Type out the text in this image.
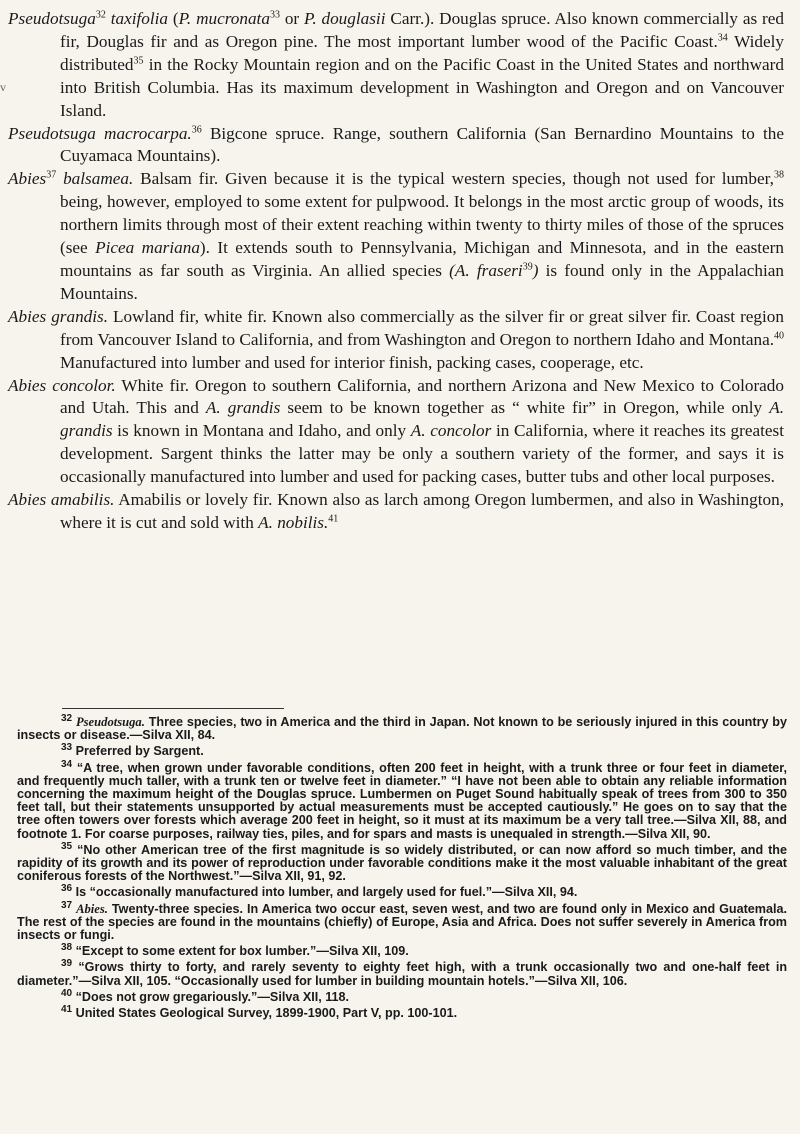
v

Pseudotsuga$^{32}$ taxifolia (P. mucronata$^{33}$ or P. douglasii Carr.). Douglas spruce. Also known commercially as red fir, Douglas fir and as Oregon pine. The most important lumber wood of the Pacific Coast.$^{34}$ Widely distributed$^{35}$ in the Rocky Mountain region and on the Pacific Coast in the United States and northward into British Columbia. Has its maximum development in Washington and Oregon and on Vancouver Island.

Pseudotsuga macrocarpa.$^{36}$ Bigcone spruce. Range, southern California (San Bernardino Mountains to the Cuyamaca Mountains).

Abies$^{37}$ balsamea. Balsam fir. Given because it is the typical western species, though not used for lumber,$^{38}$ being, however, employed to some extent for pulpwood. It belongs in the most arctic group of woods, its northern limits through most of their extent reaching within twenty to thirty miles of those of the spruces (see Picea mariana). It extends south to Pennsylvania, Michigan and Minnesota, and in the eastern mountains as far south as Virginia. An allied species (A. fraseri$^{39}$) is found only in the Appalachian Mountains.

Abies grandis. Lowland fir, white fir. Known also commercially as the silver fir or great silver fir. Coast region from Vancouver Island to California, and from Washington and Oregon to northern Idaho and Montana.$^{40}$ Manufactured into lumber and used for interior finish, packing cases, cooperage, etc.

Abies concolor. White fir. Oregon to southern California, and northern Arizona and New Mexico to Colorado and Utah. This and A. grandis seem to be known together as “ white fir” in Oregon, while only A. grandis is known in Montana and Idaho, and only A. concolor in California, where it reaches its greatest development. Sargent thinks the latter may be only a southern variety of the former, and says it is occasionally manufactured into lumber and used for packing cases, butter tubs and other local purposes.

Abies amabilis. Amabilis or lovely fir. Known also as larch among Oregon lumbermen, and also in Washington, where it is cut and sold with A. nobilis.$^{41}$

$^{32}$ Pseudotsuga. Three species, two in America and the third in Japan. Not known to be seriously injured in this country by insects or disease.—Silva XII, 84.

$^{33}$ Preferred by Sargent.

$^{34}$ “A tree, when grown under favorable conditions, often 200 feet in height, with a trunk three or four feet in diameter, and frequently much taller, with a trunk ten or twelve feet in diameter.” “I have not been able to obtain any reliable information concerning the maximum height of the Douglas spruce. Lumbermen on Puget Sound habitually speak of trees from 300 to 350 feet tall, but their statements unsupported by actual measurements must be accepted cautiously.” He goes on to say that the tree often towers over forests which average 200 feet in height, so it must at its maximum be a very tall tree.—Silva XII, 88, and footnote 1. For coarse purposes, railway ties, piles, and for spars and masts is unequaled in strength.—Silva XII, 90.

$^{35}$ “No other American tree of the first magnitude is so widely distributed, or can now afford so much timber, and the rapidity of its growth and its power of reproduction under favorable conditions make it the most valuable inhabitant of the great coniferous forests of the Northwest.”—Silva XII, 91, 92.

$^{36}$ Is “occasionally manufactured into lumber, and largely used for fuel.”—Silva XII, 94.

$^{37}$ Abies. Twenty-three species. In America two occur east, seven west, and two are found only in Mexico and Guatemala. The rest of the species are found in the mountains (chiefly) of Europe, Asia and Africa. Does not suffer severely in America from insects or fungi.

$^{38}$ “Except to some extent for box lumber.”—Silva XII, 109.

$^{39}$ “Grows thirty to forty, and rarely seventy to eighty feet high, with a trunk occasionally two and one-half feet in diameter.”—Silva XII, 105. “Occasionally used for lumber in building mountain hotels.”—Silva XII, 106.

$^{40}$ “Does not grow gregariously.”—Silva XII, 118.

$^{41}$ United States Geological Survey, 1899-1900, Part V, pp. 100-101.
